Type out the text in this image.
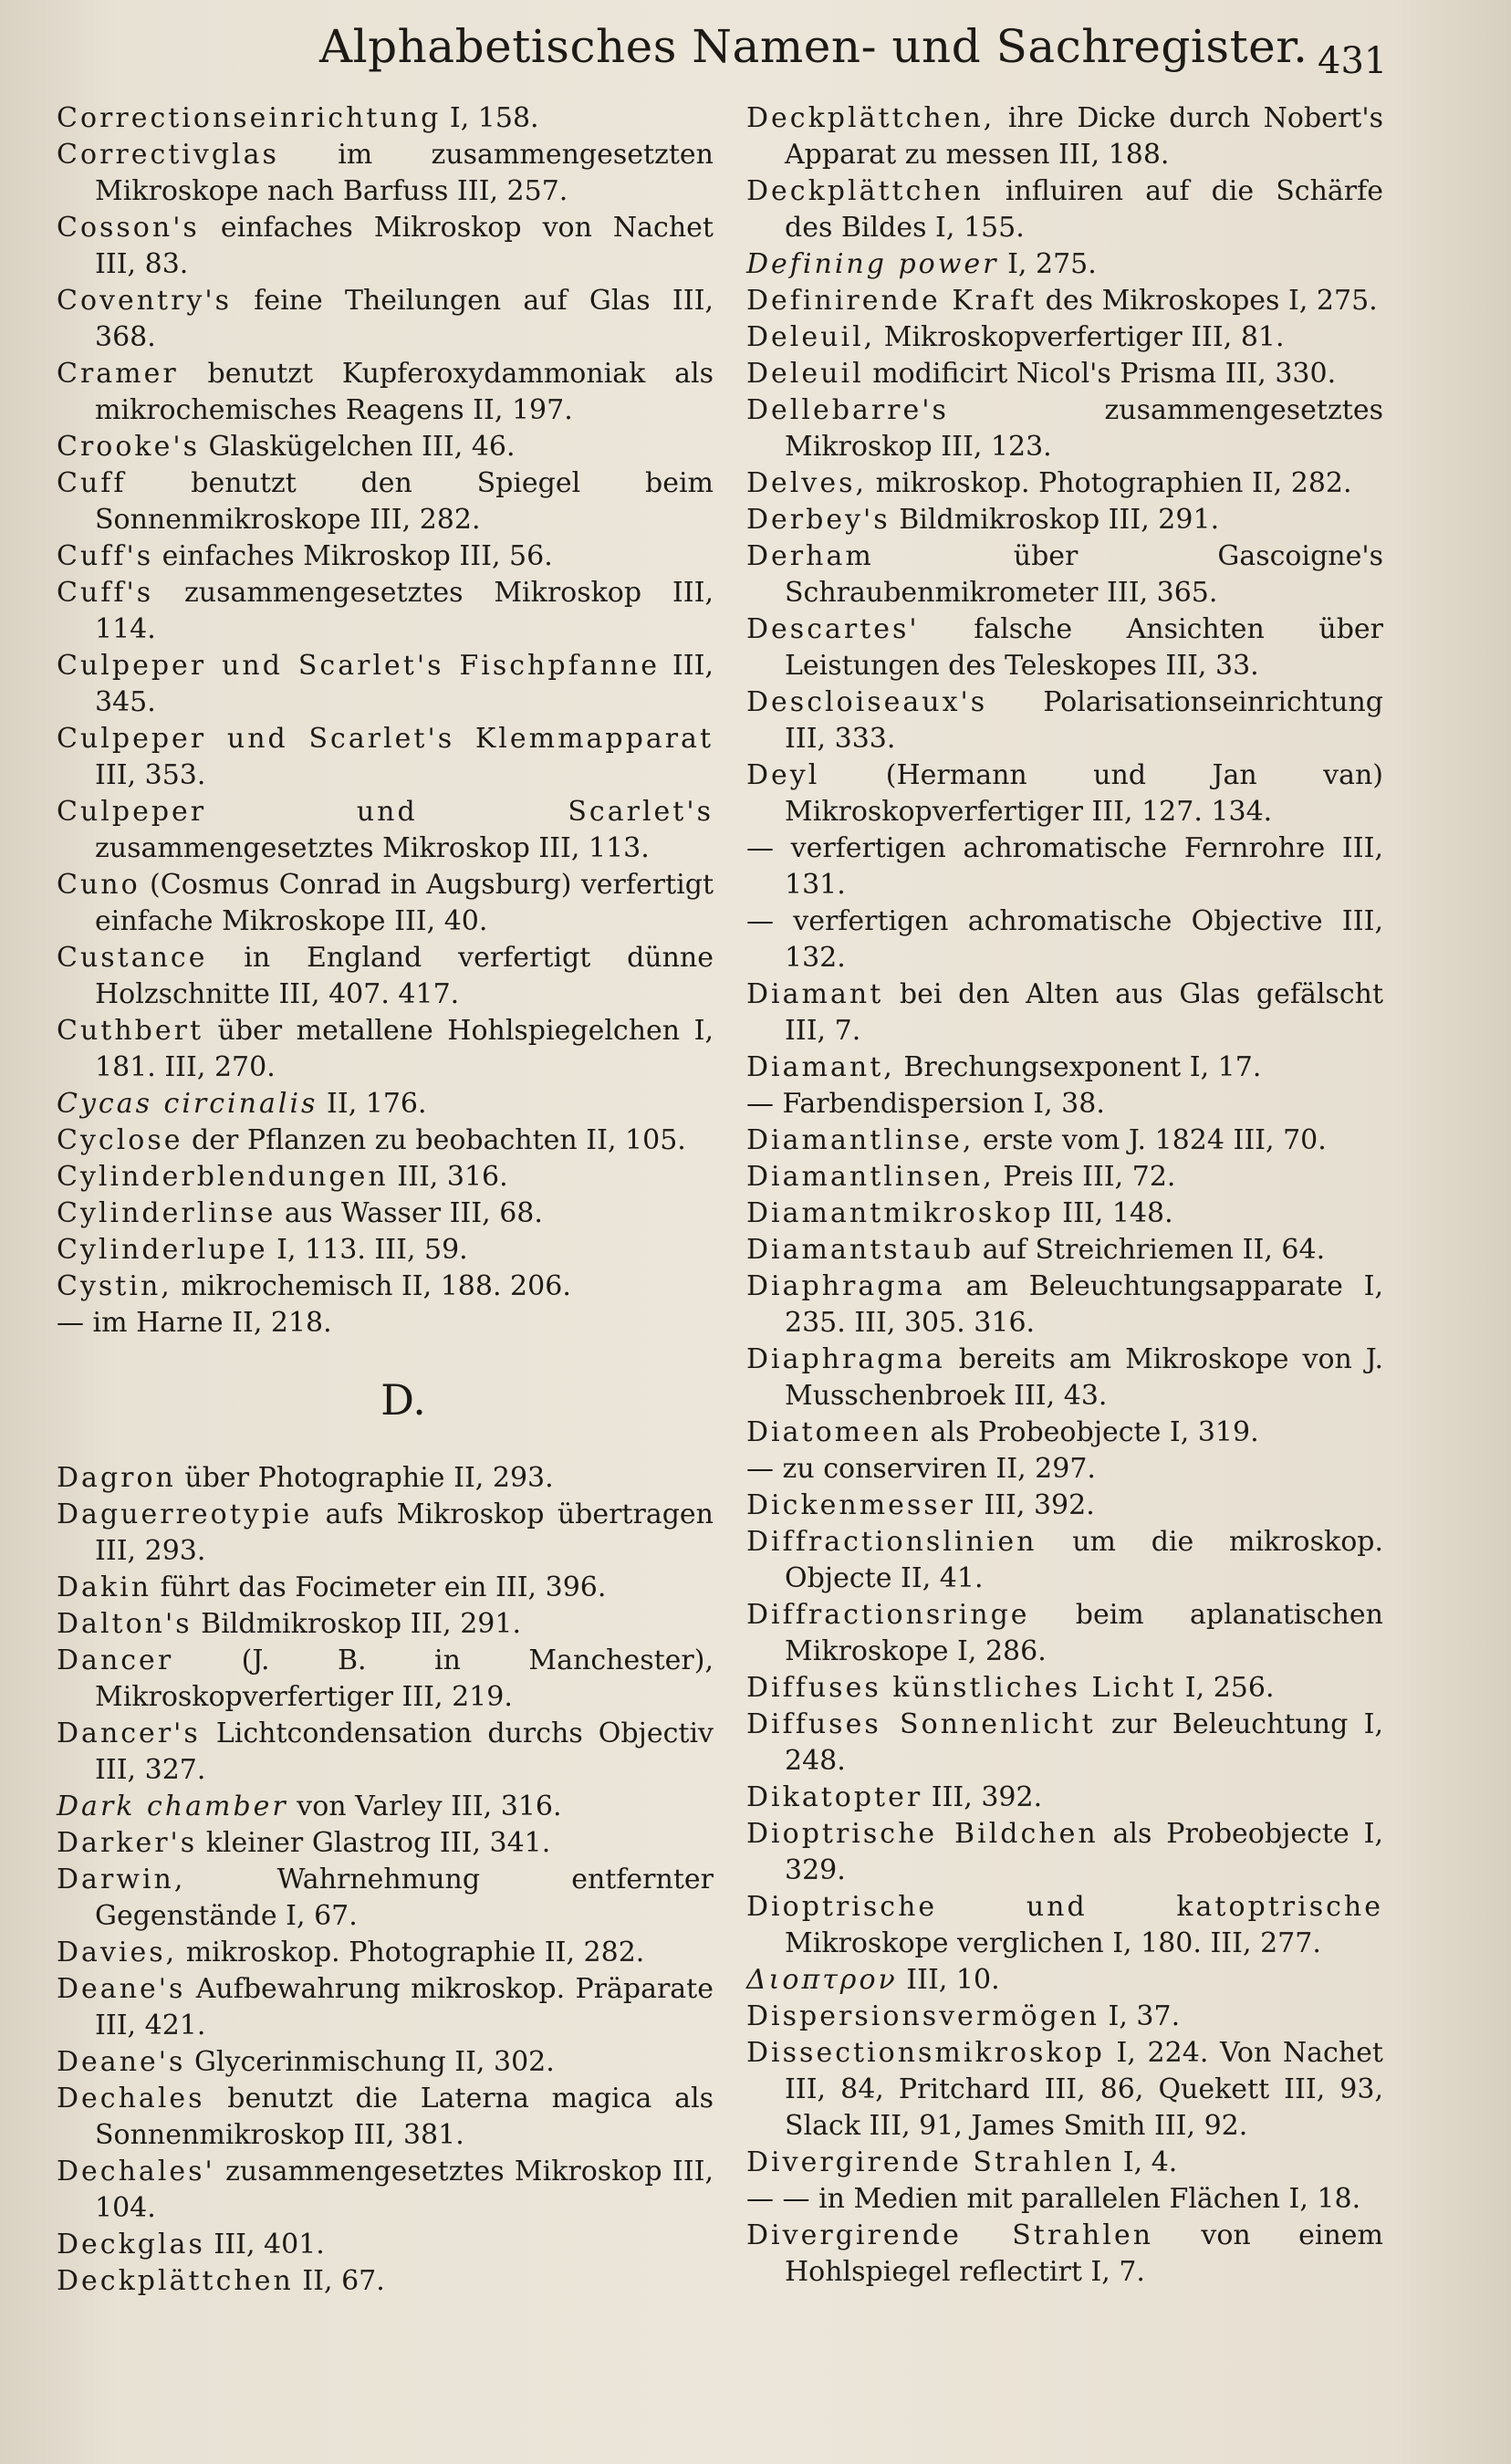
Alphabetisches Namen- und Sachregister. 431
Correctionseinrichtung I, 158.
Correctivglas im zusammengesetzten Mikroskope nach Barfuss III, 257.
Cosson's einfaches Mikroskop von Nachet III, 83.
Coventry's feine Theilungen auf Glas III, 368.
Cramer benutzt Kupferoxydammoniak als mikrochemisches Reagens II, 197.
Crooke's Glaskügelchen III, 46.
Cuff benutzt den Spiegel beim Sonnenmikroskope III, 282.
Cuff's einfaches Mikroskop III, 56.
Cuff's zusammengesetztes Mikroskop III, 114.
Culpeper und Scarlet's Fischpfanne III, 345.
Culpeper und Scarlet's Klemmapparat III, 353.
Culpeper und Scarlet's zusammengesetztes Mikroskop III, 113.
Cuno (Cosmus Conrad in Augsburg) verfertigt einfache Mikroskope III, 40.
Custance in England verfertigt dünne Holzschnitte III, 407. 417.
Cuthbert über metallene Hohlspiegelchen I, 181. III, 270.
Cycas circinalis II, 176.
Cyclose der Pflanzen zu beobachten II, 105.
Cylinderblendungen III, 316.
Cylinderlinse aus Wasser III, 68.
Cylinderlupe I, 113. III, 59.
Cystin, mikrochemisch II, 188. 206.
— im Harne II, 218.
D.
Dagron über Photographie II, 293.
Daguerreotypie aufs Mikroskop übertragen III, 293.
Dakin führt das Focimeter ein III, 396.
Dalton's Bildmikroskop III, 291.
Dancer (J. B. in Manchester), Mikroskopverfertiger III, 219.
Dancer's Lichtcondensation durchs Objectiv III, 327.
Dark chamber von Varley III, 316.
Darker's kleiner Glastrog III, 341.
Darwin, Wahrnehmung entfernter Gegenstände I, 67.
Davies, mikroskop. Photographie II, 282.
Deane's Aufbewahrung mikroskop. Präparate III, 421.
Deane's Glycerinmischung II, 302.
Dechales benutzt die Laterna magica als Sonnenmikroskop III, 381.
Dechales' zusammengesetztes Mikroskop III, 104.
Deckglas III, 401.
Deckplättchen II, 67.
Deckplättchen, ihre Dicke durch Nobert's Apparat zu messen III, 188.
Deckplättchen influiren auf die Schärfe des Bildes I, 155.
Defining power I, 275.
Definirende Kraft des Mikroskopes I, 275.
Deleuil, Mikroskopverfertiger III, 81.
Deleuil modificirt Nicol's Prisma III, 330.
Dellebarre's zusammengesetztes Mikroskop III, 123.
Delves, mikroskop. Photographien II, 282.
Derbey's Bildmikroskop III, 291.
Derham über Gascoigne's Schraubenmikrometer III, 365.
Descartes' falsche Ansichten über Leistungen des Teleskopes III, 33.
Descloiseaux's Polarisationseinrichtung III, 333.
Deyl (Hermann und Jan van) Mikroskopverfertiger III, 127. 134.
— verfertigen achromatische Fernrohre III, 131.
— verfertigen achromatische Objective III, 132.
Diamant bei den Alten aus Glas gefälscht III, 7.
Diamant, Brechungsexponent I, 17.
— Farbendispersion I, 38.
Diamantlinse, erste vom J. 1824 III, 70.
Diamantlinsen, Preis III, 72.
Diamantmikroskop III, 148.
Diamantstaub auf Streichriemen II, 64.
Diaphragma am Beleuchtungsapparate I, 235. III, 305. 316.
Diaphragma bereits am Mikroskope von J. Musschenbroek III, 43.
Diatomeen als Probeobjecte I, 319.
— zu conserviren II, 297.
Dickenmesser III, 392.
Diffractionslinien um die mikroskop. Objecte II, 41.
Diffractionsringe beim aplanatischen Mikroskope I, 286.
Diffuses künstliches Licht I, 256.
Diffuses Sonnenlicht zur Beleuchtung I, 248.
Dikatopter III, 392.
Dioptrische Bildchen als Probeobjecte I, 329.
Dioptrische und katoptrische Mikroskope verglichen I, 180. III, 277.
Διοπτρον III, 10.
Dispersionsvermögen I, 37.
Dissectionsmikroskop I, 224. Von Nachet III, 84, Pritchard III, 86, Quekett III, 93, Slack III, 91, James Smith III, 92.
Divergirende Strahlen I, 4.
— — in Medien mit parallelen Flächen I, 18.
Divergirende Strahlen von einem Hohlspiegel reflectirt I, 7.
